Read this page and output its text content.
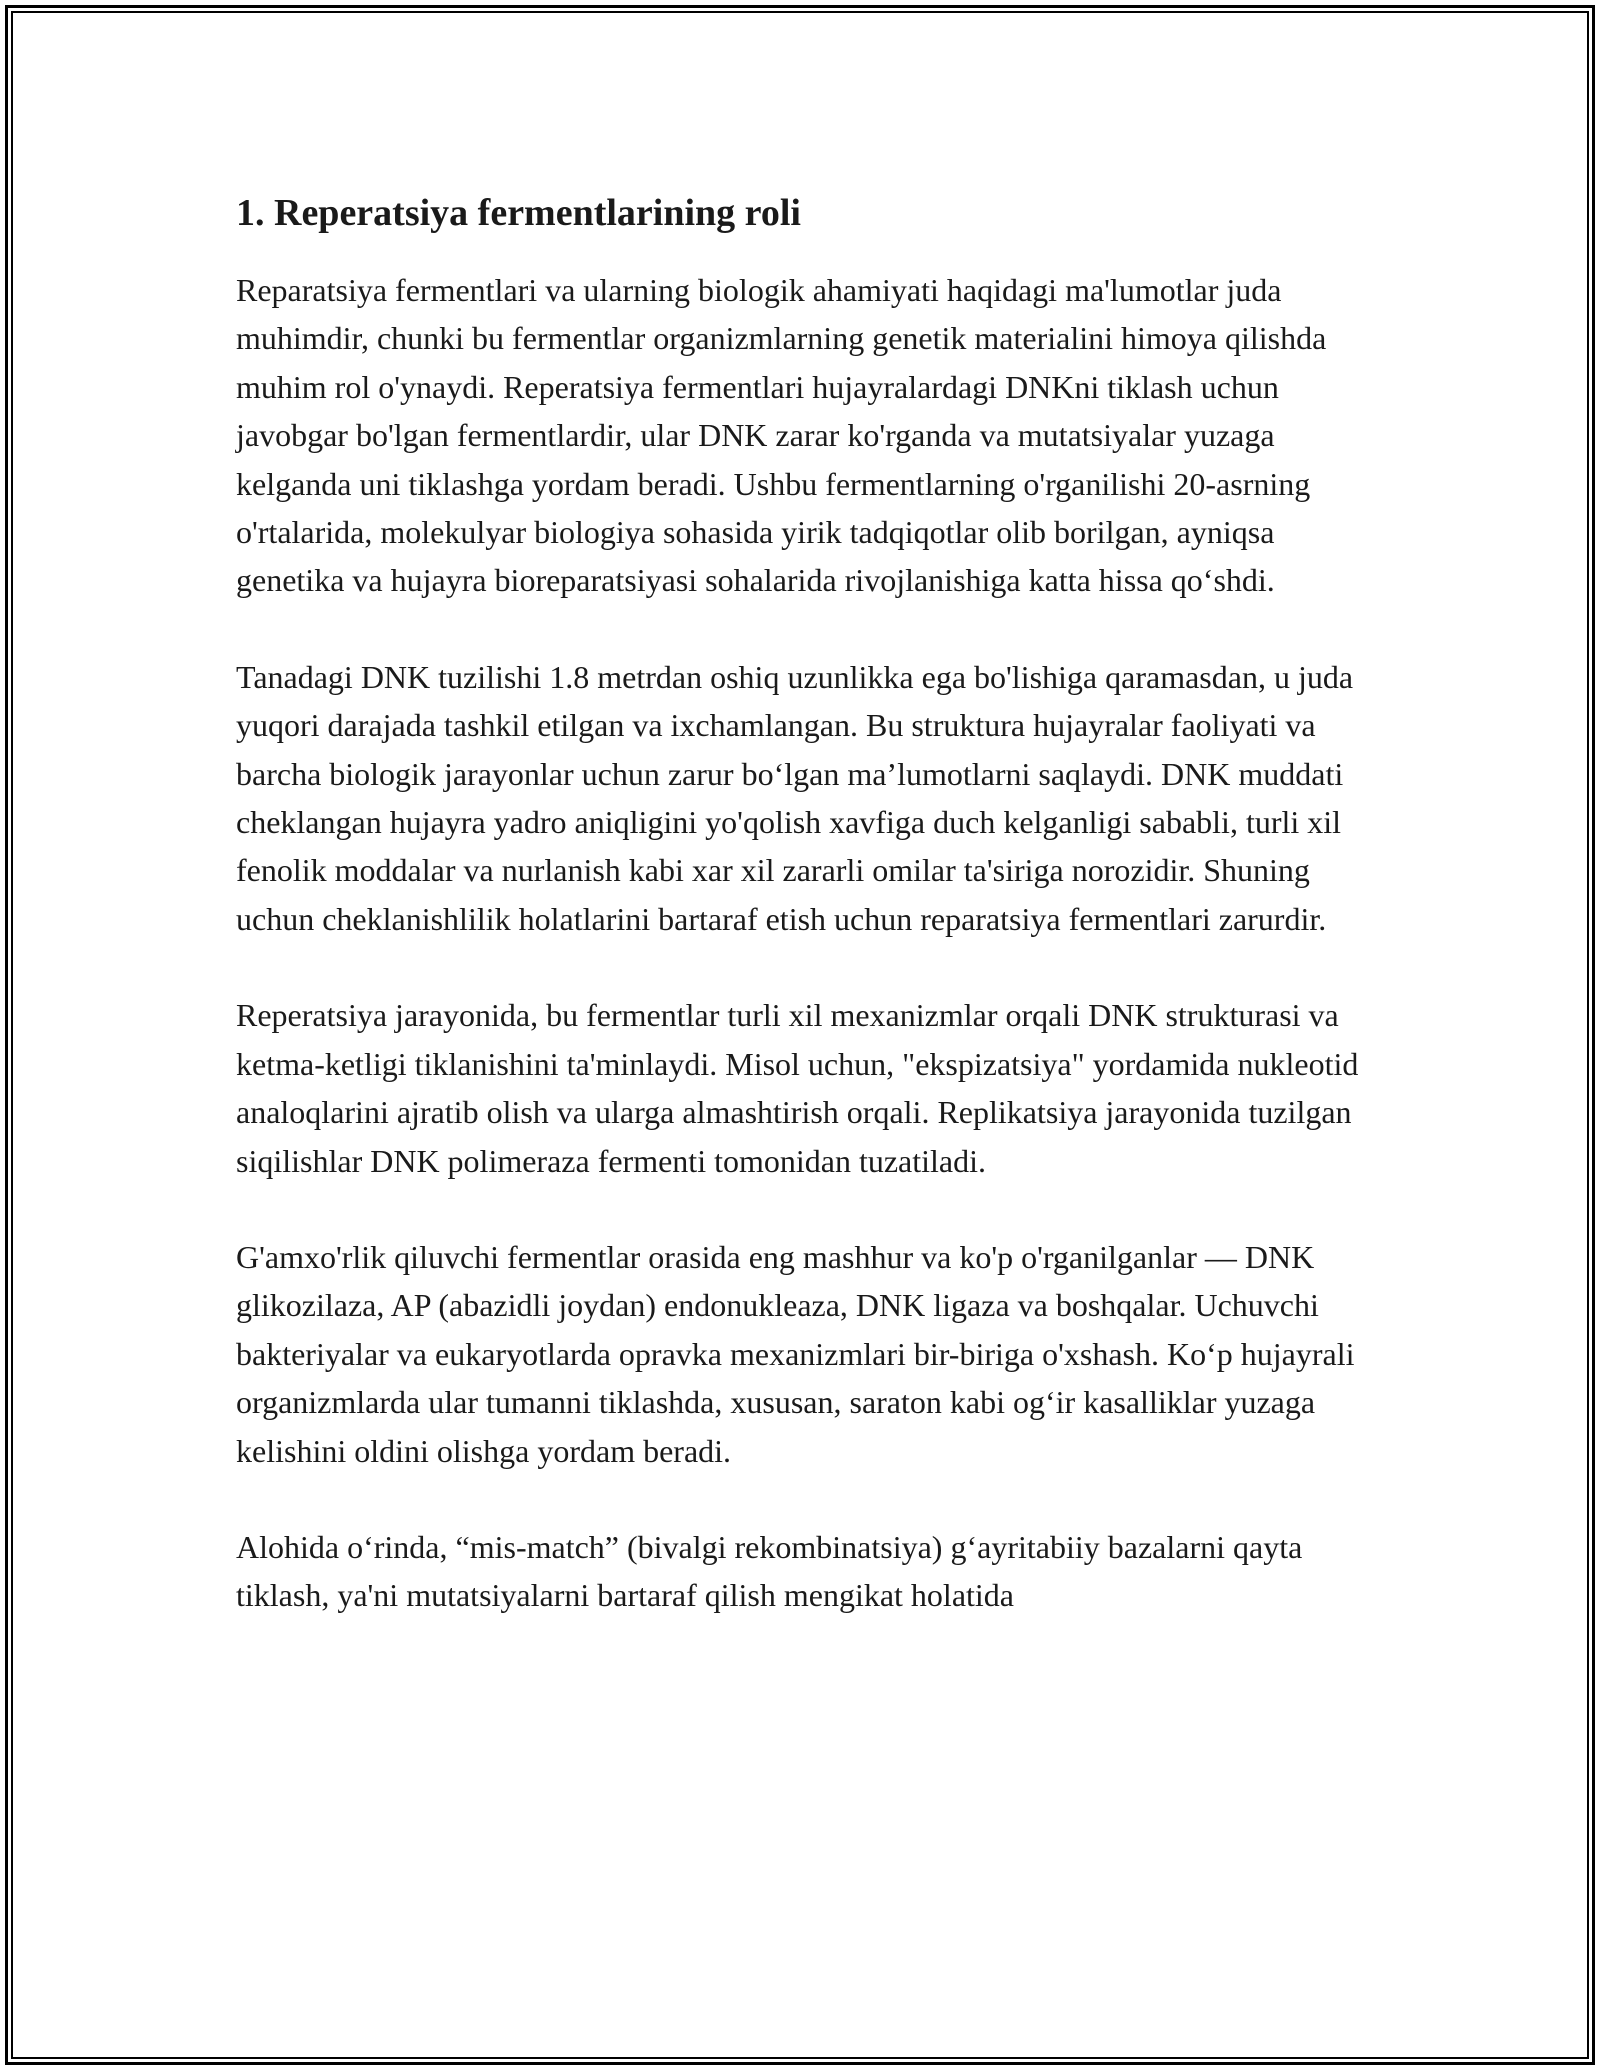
1. Reperatsiya fermentlarining roli

Reparatsiya fermentlari va ularning biologik ahamiyati haqidagi ma'lumotlar juda muhimdir, chunki bu fermentlar organizmlarning genetik materialini himoya qilishda muhim rol o'ynaydi. Reperatsiya fermentlari hujayralardagi DNKni tiklash uchun javobgar bo'lgan fermentlardir, ular DNK zarar ko'rganda va mutatsiyalar yuzaga kelganda uni tiklashga yordam beradi. Ushbu fermentlarning o'rganilishi 20-asrning o'rtalarida, molekulyar biologiya sohasida yirik tadqiqotlar olib borilgan, ayniqsa genetika va hujayra bioreparatsiyasi sohalarida rivojlanishiga katta hissa qo‘shdi.

Tanadagi DNK tuzilishi 1.8 metrdan oshiq uzunlikka ega bo'lishiga qaramasdan, u juda yuqori darajada tashkil etilgan va ixchamlangan. Bu struktura hujayralar faoliyati va barcha biologik jarayonlar uchun zarur bo‘lgan ma’lumotlarni saqlaydi. DNK muddati cheklangan hujayra yadro aniqligini yo'qolish xavfiga duch kelganligi sababli, turli xil fenolik moddalar va nurlanish kabi xar xil zararli omilar ta'siriga norozidir. Shuning uchun cheklanishlilik holatlarini bartaraf etish uchun reparatsiya fermentlari zarurdir.

Reperatsiya jarayonida, bu fermentlar turli xil mexanizmlar orqali DNK strukturasi va ketma-ketligi tiklanishini ta'minlaydi. Misol uchun, "ekspizatsiya" yordamida nukleotid analoqlarini ajratib olish va ularga almashtirish orqali. Replikatsiya jarayonida tuzilgan siqilishlar DNK polimeraza fermenti tomonidan tuzatiladi.

G'amxo'rlik qiluvchi fermentlar orasida eng mashhur va ko'p o'rganilganlar — DNK glikozilaza, AP (abazidli joydan) endonukleaza, DNK ligaza va boshqalar. Uchuvchi bakteriyalar va eukaryotlarda opravka mexanizmlari bir-biriga o'xshash. Ko‘p hujayrali organizmlarda ular tumanni tiklashda, xususan, saraton kabi og‘ir kasalliklar yuzaga kelishini oldini olishga yordam beradi.

Alohida o‘rinda, “mis-match” (bivalgi rekombinatsiya) g‘ayritabiiy bazalarni qayta tiklash, ya'ni mutatsiyalarni bartaraf qilish mengikat holatida
